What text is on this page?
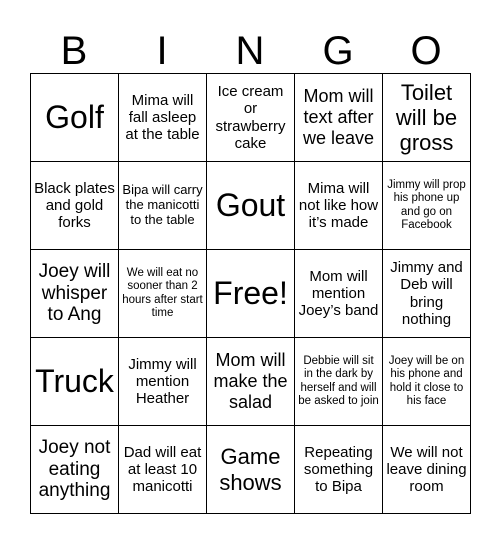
B	I	N	G	O
Golf	Mima will fall asleep at the table	Ice cream or strawberry cake	Mom will text after we leave	Toilet will be gross
Black plates and gold forks	Bipa will carry the manicotti to the table	Gout	Mima will not like how it’s made	Jimmy will prop his phone up and go on Facebook
Joey will whisper to Ang	We will eat no sooner than 2 hours after start time	Free!	Mom will mention Joey’s band	Jimmy and Deb will bring nothing
Truck	Jimmy will mention Heather	Mom will make the salad	Debbie will sit in the dark by herself and will be asked to join	Joey will be on his phone and hold it close to his face
Joey not eating anything	Dad will eat at least 10 manicotti	Game shows	Repeating something to Bipa	We will not leave dining room
